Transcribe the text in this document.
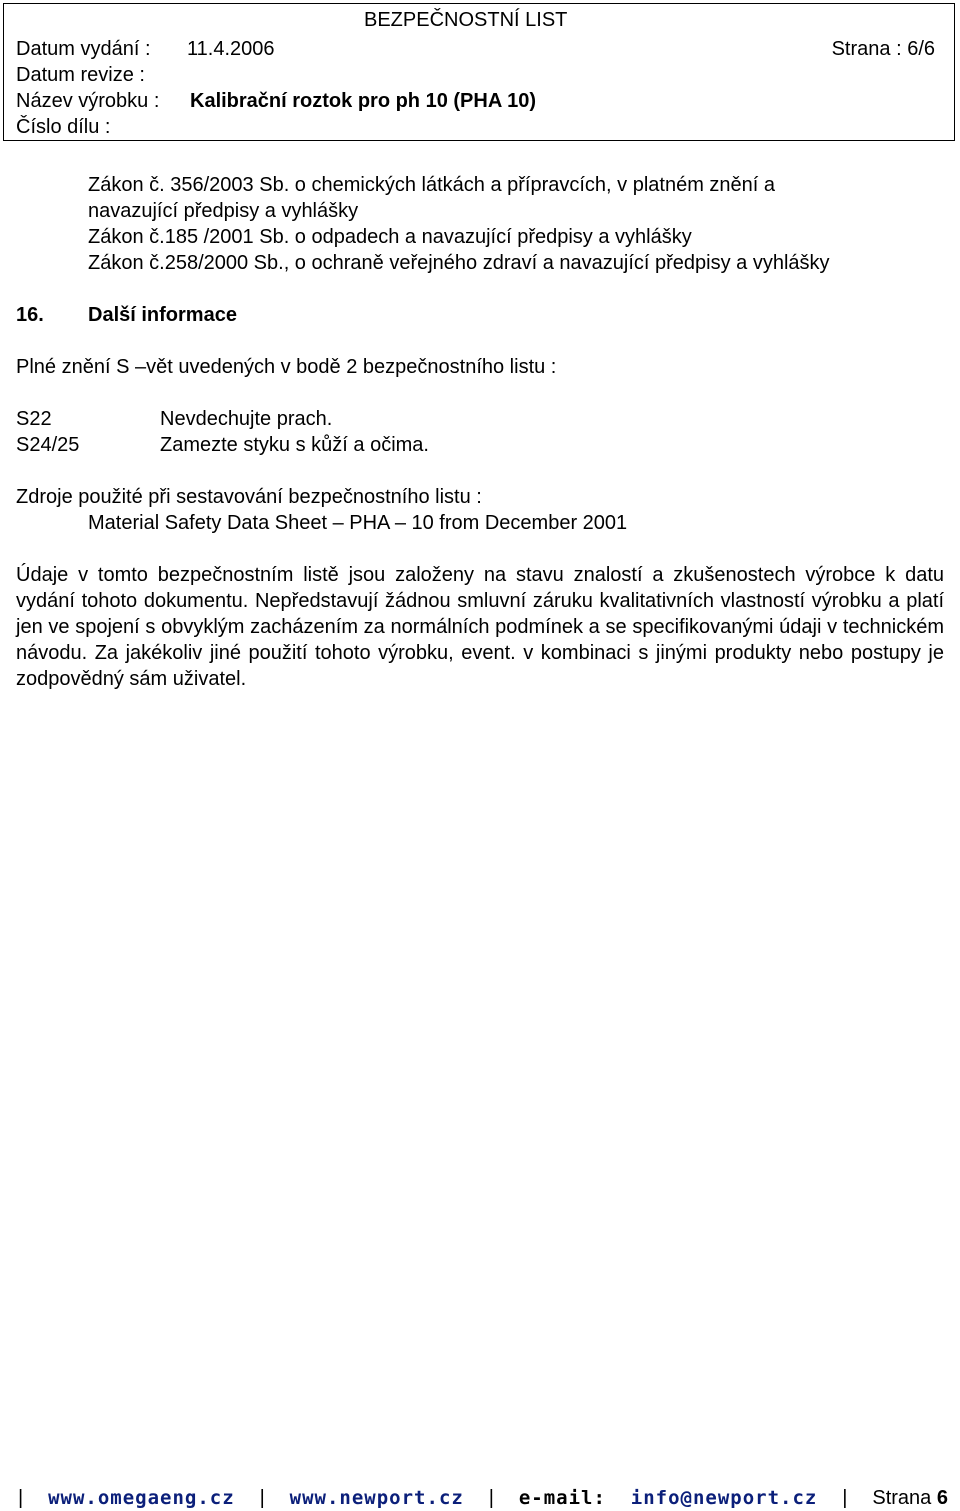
BEZPEČNOSTNÍ LIST
Datum vydání : 11.4.2006	Strana : 6/6
Datum revize :
Název výrobku : Kalibrační roztok pro ph 10 (PHA 10)
Číslo dílu :
Zákon č. 356/2003 Sb. o chemických látkách a přípravcích, v platném znění a
navazující předpisy a vyhlášky
Zákon č.185 /2001 Sb. o odpadech a navazující předpisy a vyhlášky
Zákon č.258/2000 Sb., o ochraně veřejného zdraví a navazující předpisy a vyhlášky
16. Další informace
Plné znění S –vět uvedených v bodě 2 bezpečnostního listu :
S22	Nevdechujte prach.
S24/25	Zamezte styku s kůží a očima.
Zdroje použité při sestavování bezpečnostního listu :
Material Safety Data Sheet – PHA – 10 from December 2001
Údaje v tomto bezpečnostním listě jsou založeny na stavu znalostí a zkušenostech výrobce k datu vydání tohoto dokumentu. Nepředstavují žádnou smluvní záruku kvalitativních vlastností výrobku a platí jen ve spojení s obvyklým zacházením za normálních podmínek a se specifikovanými údaji v technickém návodu. Za jakékoliv jiné použití tohoto výrobku, event. v kombinaci s jinými produkty nebo postupy je zodpovědný sám uživatel.
| www.omegaeng.cz | www.newport.cz | e-mail: info@newport.cz | Strana 6
